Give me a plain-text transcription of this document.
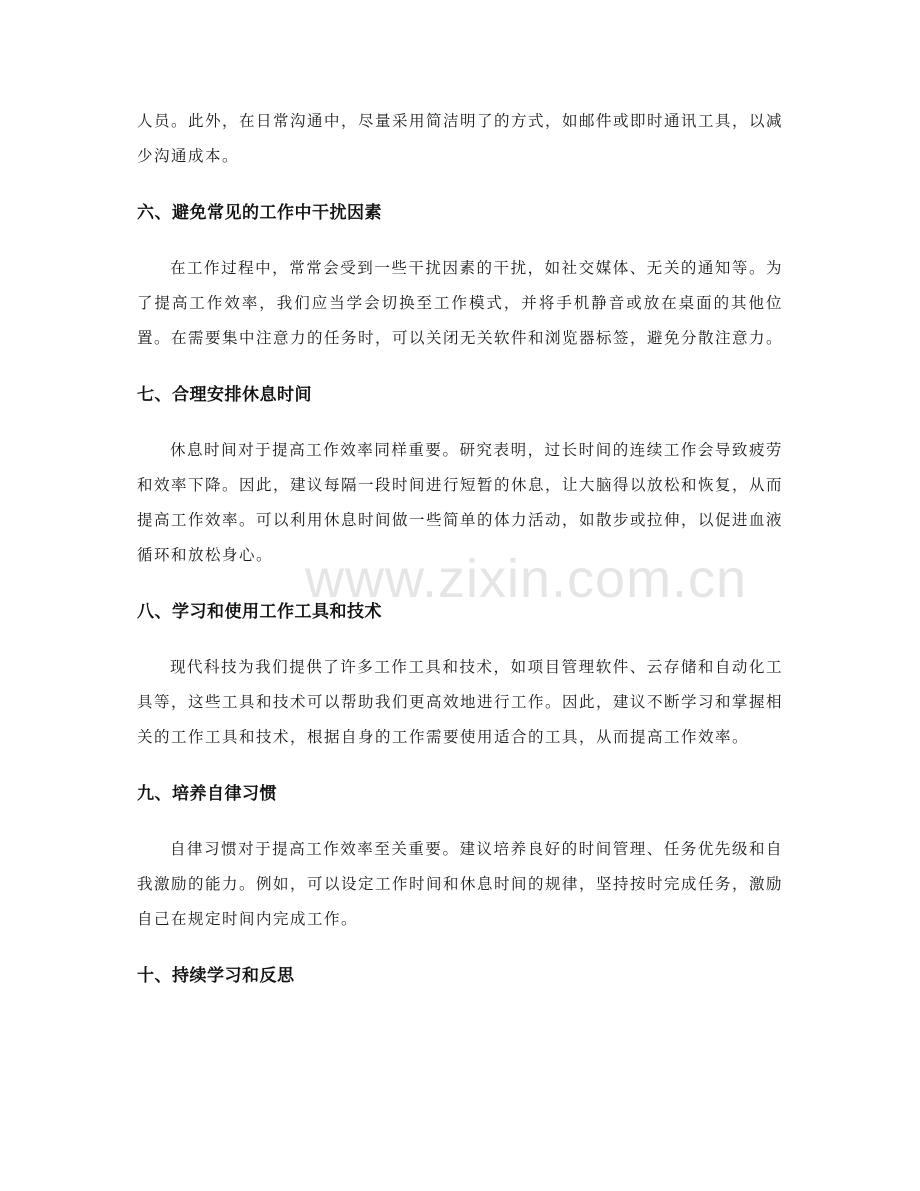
人员。此外，在日常沟通中，尽量采用简洁明了的方式，如邮件或即时通讯工具，以减少沟通成本。

六、避免常见的工作中干扰因素

在工作过程中，常常会受到一些干扰因素的干扰，如社交媒体、无关的通知等。为了提高工作效率，我们应当学会切换至工作模式，并将手机静音或放在桌面的其他位置。在需要集中注意力的任务时，可以关闭无关软件和浏览器标签，避免分散注意力。

七、合理安排休息时间

休息时间对于提高工作效率同样重要。研究表明，过长时间的连续工作会导致疲劳和效率下降。因此，建议每隔一段时间进行短暂的休息，让大脑得以放松和恢复，从而提高工作效率。可以利用休息时间做一些简单的体力活动，如散步或拉伸，以促进血液循环和放松身心。

八、学习和使用工作工具和技术

现代科技为我们提供了许多工作工具和技术，如项目管理软件、云存储和自动化工具等，这些工具和技术可以帮助我们更高效地进行工作。因此，建议不断学习和掌握相关的工作工具和技术，根据自身的工作需要使用适合的工具，从而提高工作效率。

九、培养自律习惯

自律习惯对于提高工作效率至关重要。建议培养良好的时间管理、任务优先级和自我激励的能力。例如，可以设定工作时间和休息时间的规律，坚持按时完成任务，激励自己在规定时间内完成工作。

十、持续学习和反思
www.zixin.com.cn
